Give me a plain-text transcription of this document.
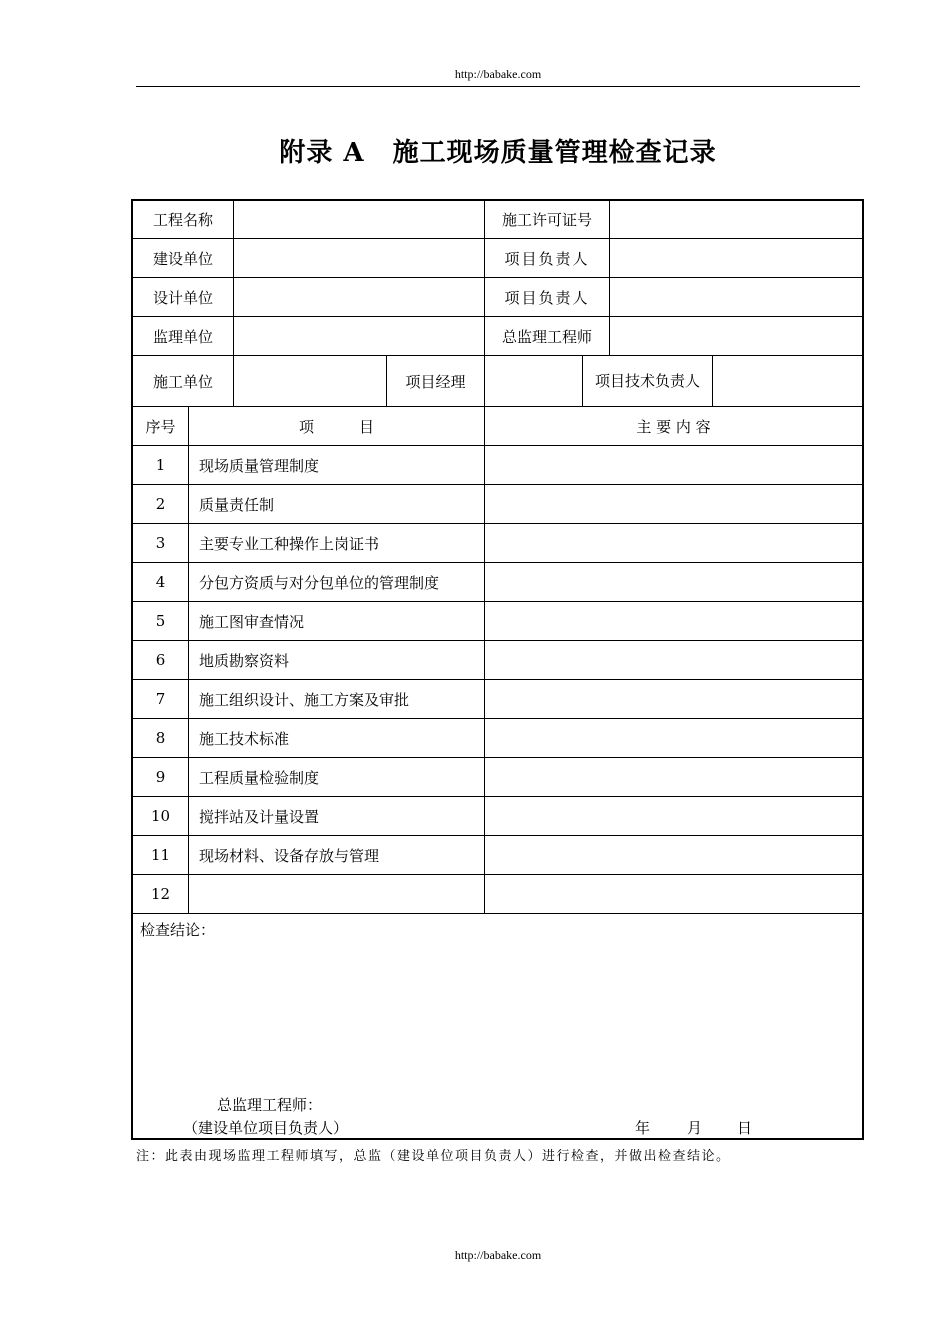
http://babake.com
附录 A 施工现场质量管理检查记录
工程名称	施工许可证号
建设单位	项目负责人
设计单位	项目负责人
监理单位	总监理工程师
施工单位	项目经理	项目技术负责人
序号	项　　　目	主 要 内 容
1	现场质量管理制度
2	质量责任制
3	主要专业工种操作上岗证书
4	分包方资质与对分包单位的管理制度
5	施工图审查情况
6	地质勘察资料
7	施工组织设计、施工方案及审批
8	施工技术标准
9	工程质量检验制度
10	搅拌站及计量设置
11	现场材料、设备存放与管理
12
检查结论：
总监理工程师：
（建设单位项目负责人）	年 月 日
注：此表由现场监理工程师填写，总监（建设单位项目负责人）进行检查，并做出检查结论。
http://babake.com
